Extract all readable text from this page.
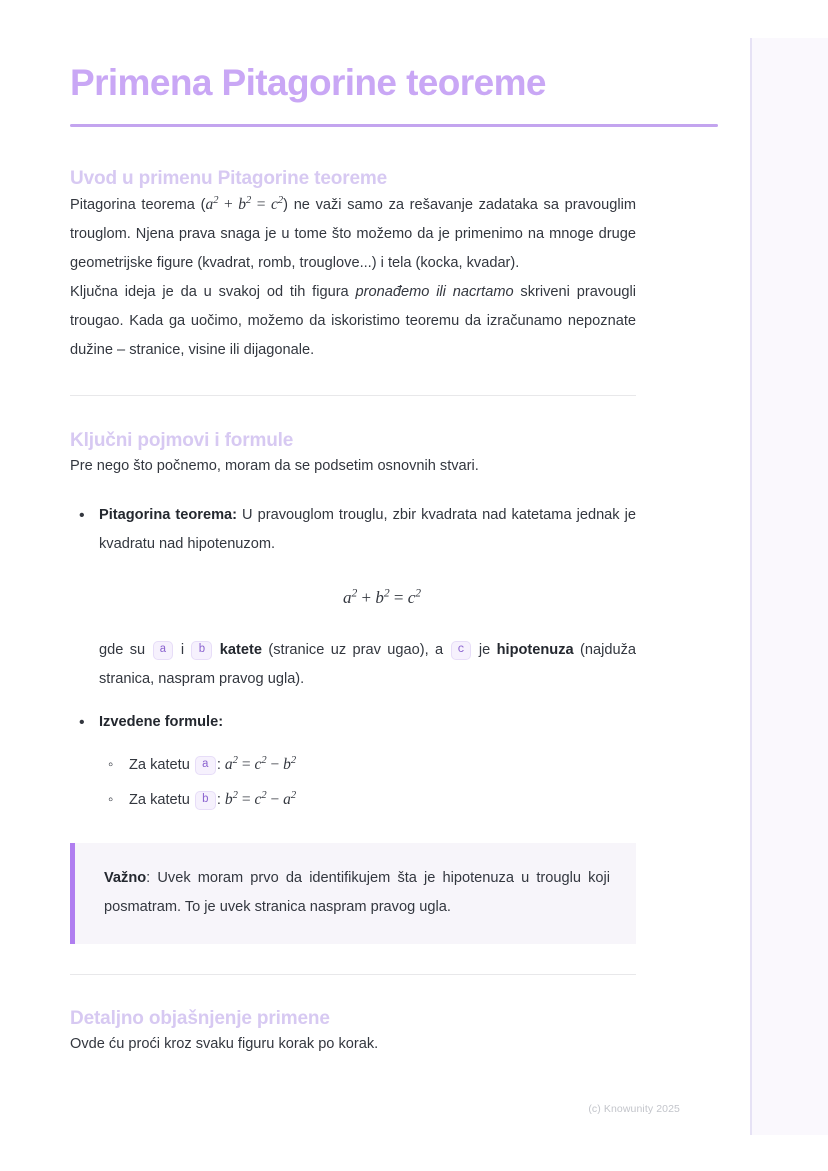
Primena Pitagorine teoreme
Uvod u primenu Pitagorine teoreme

Pitagorina teorema $(a^2 + b^2 = c^2)$ ne važi samo za rešavanje zadataka sa pravouglim trouglom. Njena prava snaga je u tome što možemo da je primenimo na mnoge druge geometrijske figure (kvadrat, romb, trouglove...) i tela (kocka, kvadar).

Ključna ideja je da u svakoj od tih figura pronađemo ili nacrtamo skriveni pravougli trougao. Kada ga uočimo, možemo da iskoristimo teoremu da izračunamo nepoznate dužine – stranice, visine ili dijagonale.

Ključni pojmovi i formule

Pre nego što počnemo, moram da se podsetim osnovnih stvari.

• Pitagorina teorema: U pravouglom trouglu, zbir kvadrata nad katetama jednak je kvadratu nad hipotenuzom.
$a^2 + b^2 = c^2$
gde su a i b katete (stranice uz prav ugao), a c je hipotenuza (najduža stranica, naspram pravog ugla).
• Izvedene formule:
◦ Za katetu a : $a^2 = c^2 - b^2$
◦ Za katetu b : $b^2 = c^2 - a^2$

Važno: Uvek moram prvo da identifikujem šta je hipotenuza u trouglu koji posmatram. To je uvek stranica naspram pravog ugla.

Detaljno objašnjenje primene

Ovde ću proći kroz svaku figuru korak po korak.

(c) Knowunity 2025
